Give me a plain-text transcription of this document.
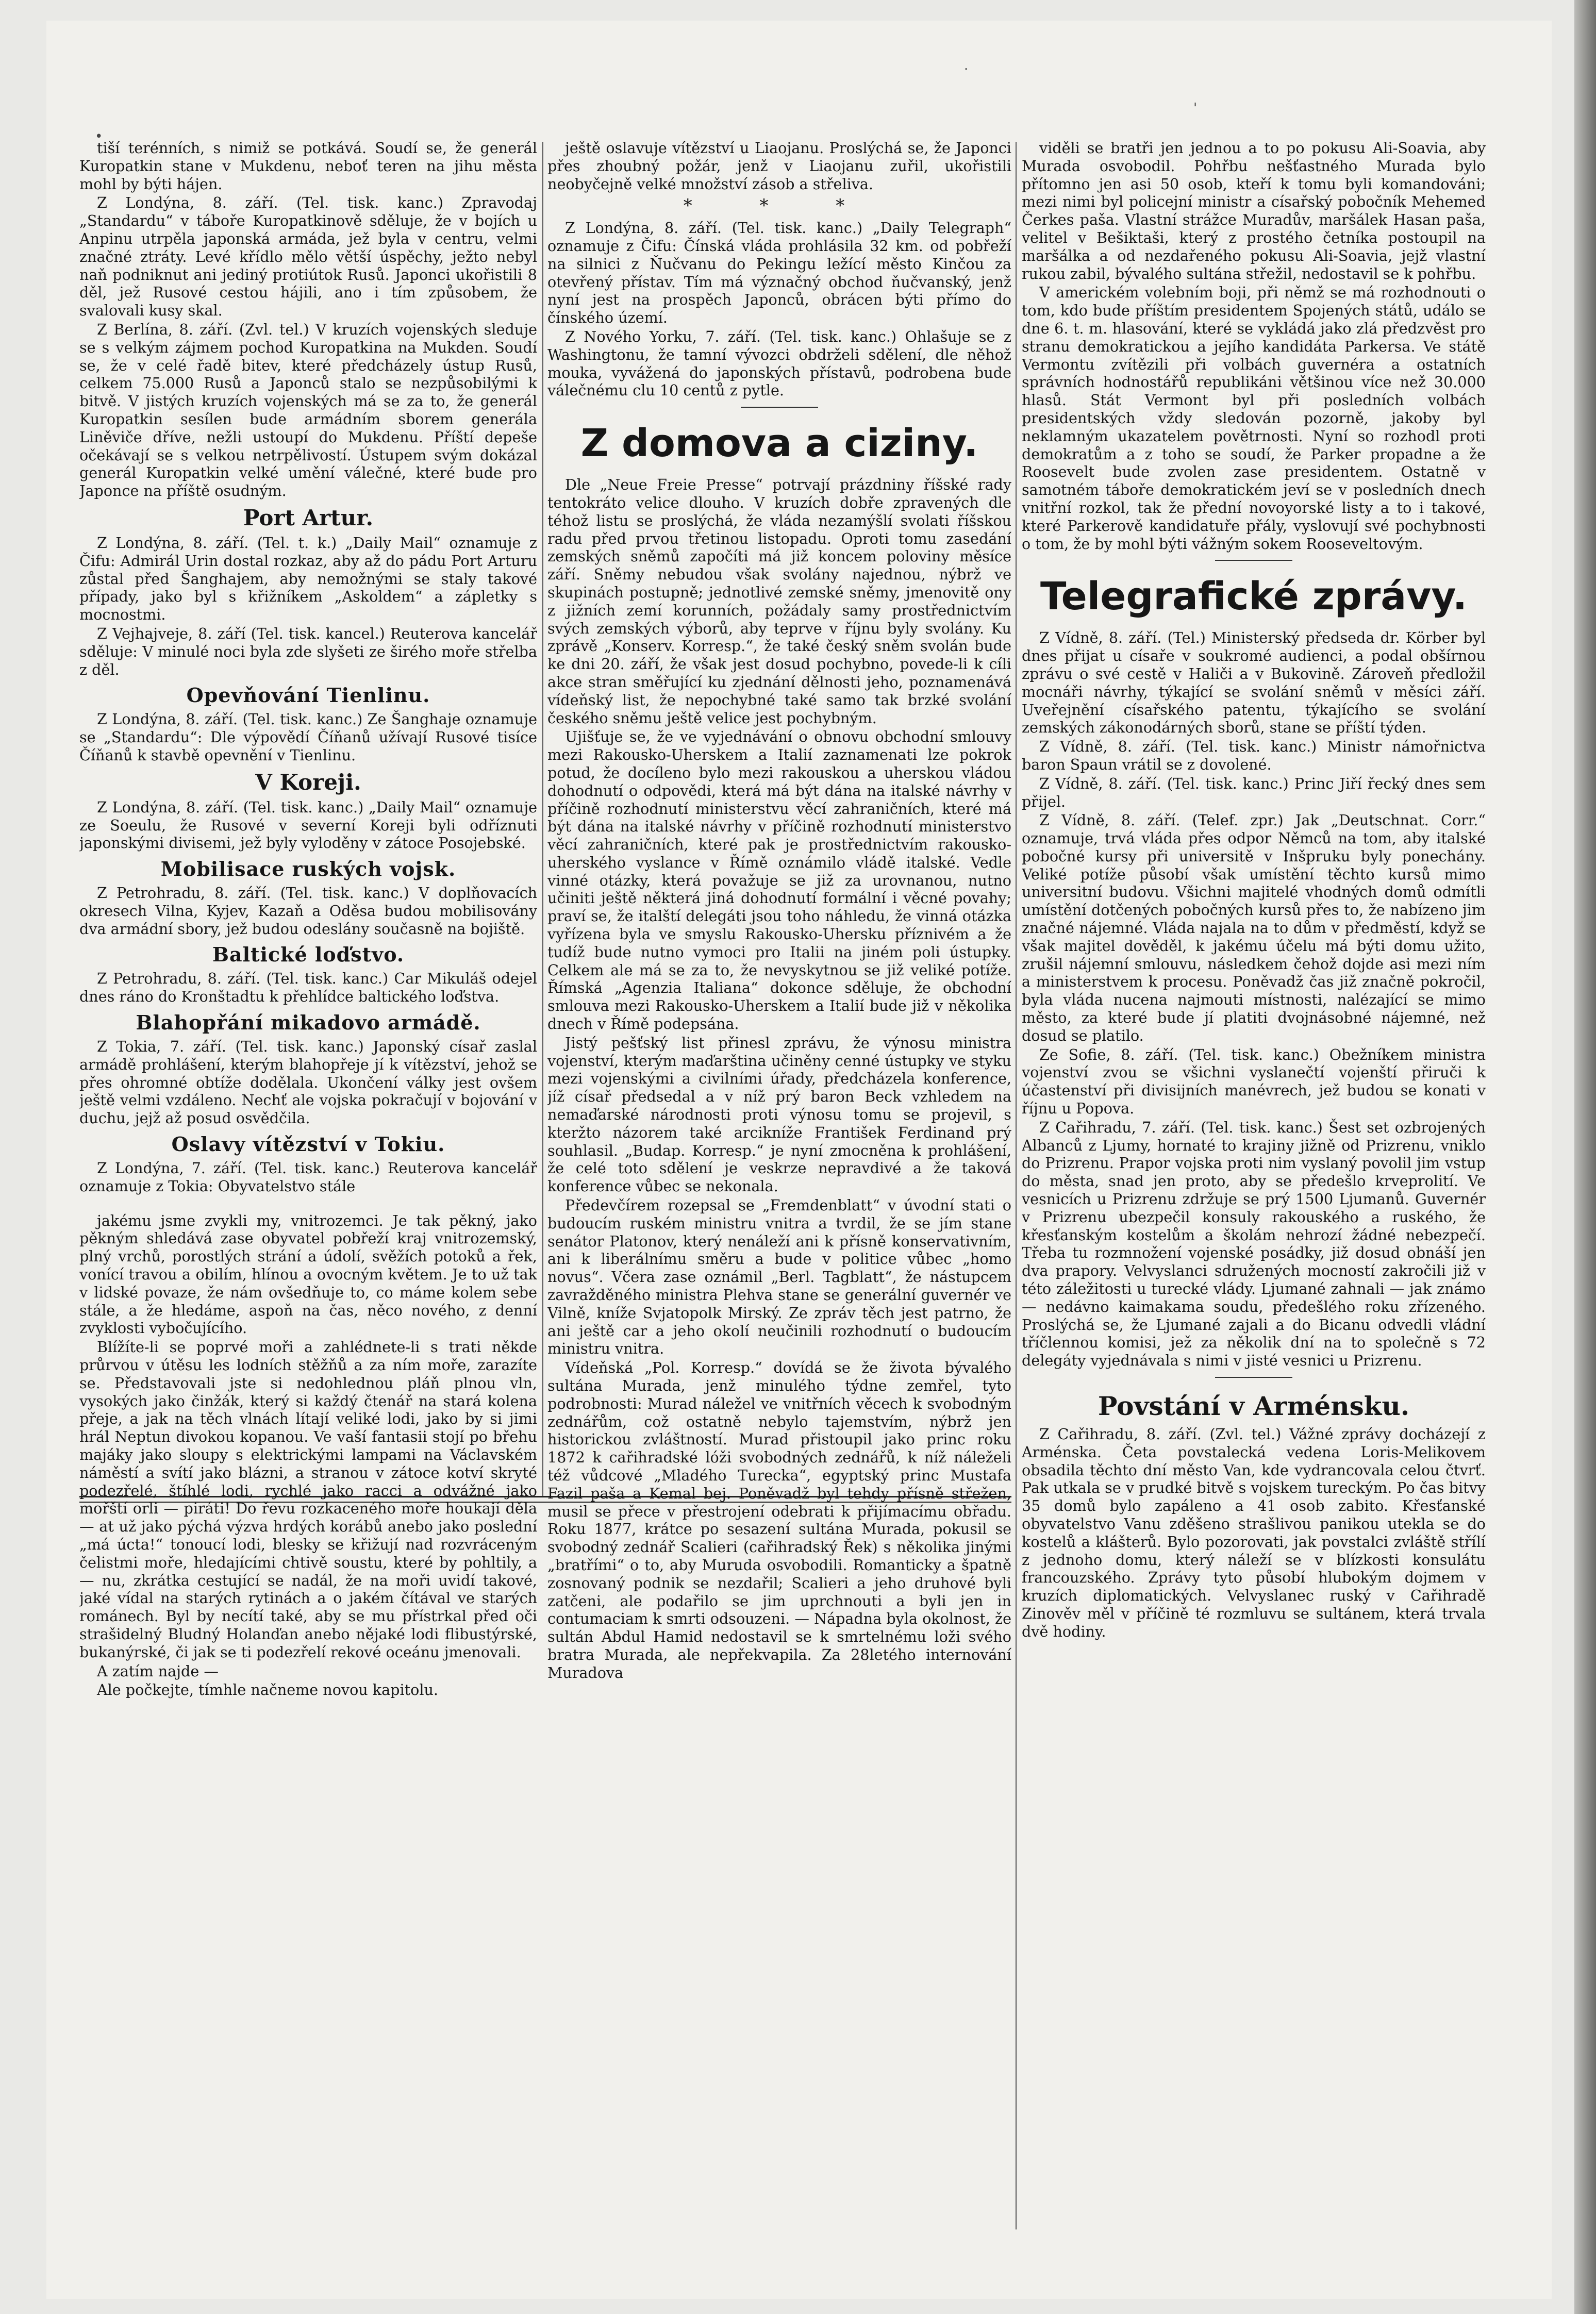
·
'
•

tiší terénních, s nimiž se potkává. Soudí se, že generál Kuropatkin stane v Mukdenu, neboť teren na jihu města mohl by býti hájen.

Z Londýna, 8. září. (Tel. tisk. kanc.) Zpravodaj „Standardu“ v táboře Kuropatkinově sděluje, že v bojích u Anpinu utrpěla japonská armáda, jež byla v centru, velmi značné ztráty. Levé křídlo mělo větší úspěchy, ježto nebyl naň podniknut ani jediný protiútok Rusů. Japonci ukořistili 8 děl, jež Rusové cestou hájili, ano i tím způsobem, že svalovali kusy skal.

Z Berlína, 8. září. (Zvl. tel.) V kruzích vojenských sleduje se s velkým zájmem pochod Kuropatkina na Mukden. Soudí se, že v celé řadě bitev, které předcházely ústup Rusů, celkem 75.000 Rusů a Japonců stalo se nezpůsobilými k bitvě. V jistých kruzích vojenských má se za to, že generál Kuropatkin sesílen bude armádním sborem generála Liněviče dříve, nežli ustoupí do Mukdenu. Příští depeše očekávají se s velkou netrpělivostí. Ústupem svým dokázal generál Kuropatkin velké umění válečné, které bude pro Japonce na příště osudným.

Port Artur.

Z Londýna, 8. září. (Tel. t. k.) „Daily Mail“ oznamuje z Čifu: Admirál Urin dostal rozkaz, aby až do pádu Port Arturu zůstal před Šanghajem, aby nemožnými se staly takové případy, jako byl s křižníkem „Askoldem“ a zápletky s mocnostmi.

Z Vejhajveje, 8. září (Tel. tisk. kancel.) Reuterova kancelář sděluje: V minulé noci byla zde slyšeti ze širého moře střelba z děl.

Opevňování Tienlinu.

Z Londýna, 8. září. (Tel. tisk. kanc.) Ze Šanghaje oznamuje se „Standardu“: Dle výpovědí Číňanů užívají Rusové tisíce Číňanů k stavbě opevnění v Tienlinu.

V Koreji.

Z Londýna, 8. září. (Tel. tisk. kanc.) „Daily Mail“ oznamuje ze Soeulu, že Rusové v severní Koreji byli odříznuti japonskými divisemi, jež byly vyloděny v zátoce Posojebské.

Mobilisace ruských vojsk.

Z Petrohradu, 8. září. (Tel. tisk. kanc.) V doplňovacích okresech Vilna, Kyjev, Kazaň a Oděsa budou mobilisovány dva armádní sbory, jež budou odeslány současně na bojiště.

Baltické loďstvo.

Z Petrohradu, 8. září. (Tel. tisk. kanc.) Car Mikuláš odejel dnes ráno do Kronštadtu k přehlídce baltického loďstva.

Blahopřání mikadovo armádě.

Z Tokia, 7. září. (Tel. tisk. kanc.) Japonský císař zaslal armádě prohlášení, kterým blahopřeje jí k vítězství, jehož se přes ohromné obtíže dodělala. Ukončení války jest ovšem ještě velmi vzdáleno. Nechť ale vojska pokračují v bojování v duchu, jejž až posud osvědčila.

Oslavy vítězství v Tokiu.

Z Londýna, 7. září. (Tel. tisk. kanc.) Reuterova kancelář oznamuje z Tokia: Obyvatelstvo stále

jakému jsme zvykli my, vnitrozemci. Je tak pěkný, jako pěkným shledává zase obyvatel pobřeží kraj vnitrozemský, plný vrchů, porostlých strání a údolí, svěžích potoků a řek, vonící travou a obilím, hlínou a ovocným květem. Je to už tak v lidské povaze, že nám ovšedňuje to, co máme kolem sebe stále, a že hledáme, aspoň na čas, něco nového, z denní zvyklosti vybočujícího.

Blížíte-li se poprvé moři a zahlédnete-li s trati někde průrvou v útěsu les lodních stěžňů a za ním moře, zarazíte se. Představovali jste si nedohlednou pláň plnou vln, vysokých jako činžák, který si každý čtenář na stará kolena přeje, a jak na těch vlnách lítají veliké lodi, jako by si jimi hrál Neptun divokou kopanou. Ve vaší fantasii stojí po břehu majáky jako sloupy s elektrickými lampami na Václavském náměstí a svítí jako blázni, a stranou v zátoce kotví skryté podezřelé, štíhlé lodi, rychlé jako racci a odvážné jako mořští orli — piráti! Do řevu rozkaceného moře houkají děla — at už jako pýchá výzva hrdých korábů anebo jako poslední „má úcta!“ tonoucí lodi, blesky se křižují nad rozvráceným čelistmi moře, hledajícími chtivě soustu, které by pohltily, a — nu, zkrátka cestující se nadál, že na moři uvidí takové, jaké vídal na starých rytinách a o jakém čítával ve starých románech. Byl by necítí také, aby se mu přístrkal před oči strašidelný Bludný Holanďan anebo nějaké lodi flibustýrské, bukanýrské, či jak se ti podezřelí rekové oceánu jmenovali.

A zatím najde —

Ale počkejte, tímhle načneme novou kapitolu.

ještě oslavuje vítězství u Liaojanu. Proslýchá se, že Japonci přes zhoubný požár, jenž v Liaojanu zuřil, ukořistili neobyčejně velké množství zásob a střeliva.

* * *

Z Londýna, 8. září. (Tel. tisk. kanc.) „Daily Telegraph“ oznamuje z Čifu: Čínská vláda prohlásila 32 km. od pobřeží na silnici z Ňučvanu do Pekingu ležící město Kinčou za otevřený přístav. Tím má význačný obchod ňučvanský, jenž nyní jest na prospěch Japonců, obrácen býti přímo do čínského území.

Z Nového Yorku, 7. září. (Tel. tisk. kanc.) Ohlašuje se z Washingtonu, že tamní vývozci obdrželi sdělení, dle něhož mouka, vyvážená do japonských přístavů, podrobena bude válečnému clu 10 centů z pytle.

Z domova a ciziny.

Dle „Neue Freie Presse“ potrvají prázdniny říšské rady tentokráto velice dlouho. V kruzích dobře zpravených dle téhož listu se proslýchá, že vláda nezamýšlí svolati říšskou radu před prvou třetinou listopadu. Oproti tomu zasedání zemských sněmů započíti má již koncem poloviny měsíce září. Sněmy nebudou však svolány najednou, nýbrž ve skupinách postupně; jednotlivé zemské sněmy, jmenovitě ony z jižních zemí korunních, požádaly samy prostřednictvím svých zemských výborů, aby teprve v říjnu byly svolány. Ku zprávě „Konserv. Korresp.“, že také český sněm svolán bude ke dni 20. září, že však jest dosud pochybno, povede-li k cíli akce stran směřující ku zjednání dělnosti jeho, poznamenává vídeňský list, že nepochybné také samo tak brzké svolání českého sněmu ještě velice jest pochybným.

Ujišťuje se, že ve vyjednávání o obnovu obchodní smlouvy mezi Rakousko-Uherskem a Italií zaznamenati lze pokrok potud, že docíleno bylo mezi rakouskou a uherskou vládou dohodnutí o odpovědi, která má být dána na italské návrhy v příčině rozhodnutí ministerstvu věcí zahraničních, které má být dána na italské návrhy v příčině rozhodnutí ministerstvo věcí zahraničních, které pak je prostřednictvím rakousko-uherského vyslance v Římě oznámilo vládě italské. Vedle vinné otázky, která považuje se již za urovnanou, nutno učiniti ještě některá jiná dohodnutí formální i věcné povahy; praví se, že italští delegáti jsou toho náhledu, že vinná otázka vyřízena byla ve smyslu Rakousko-Uhersku příznivém a že tudíž bude nutno vymoci pro Italii na jiném poli ústupky. Celkem ale má se za to, že nevyskytnou se již veliké potíže. Římská „Agenzia Italiana“ dokonce sděluje, že obchodní smlouva mezi Rakousko-Uherskem a Italií bude již v několika dnech v Římě podepsána.

Jistý pešťský list přinesl zprávu, že výnosu ministra vojenství, kterým maďarština učiněny cenné ústupky ve styku mezi vojenskými a civilními úřady, předcházela konference, jíž císař předsedal a v níž prý baron Beck vzhledem na nemaďarské národnosti proti výnosu tomu se projevil, s kteržto názorem také arcikníže František Ferdinand prý souhlasil. „Budap. Korresp.“ je nyní zmocněna k prohlášení, že celé toto sdělení je veskrze nepravdivé a že taková konference vůbec se nekonala.

Předevčírem rozepsal se „Fremdenblatt“ v úvodní stati o budoucím ruském ministru vnitra a tvrdil, že se jím stane senátor Platonov, který nenáleží ani k přísně konservativním, ani k liberálnímu směru a bude v politice vůbec „homo novus“. Včera zase oznámil „Berl. Tagblatt“, že nástupcem zavražděného ministra Plehva stane se generální guvernér ve Vilně, kníže Svjatopolk Mirský. Ze zpráv těch jest patrno, že ani ještě car a jeho okolí neučinili rozhodnutí o budoucím ministru vnitra.

Vídeňská „Pol. Korresp.“ dovídá se že života bývalého sultána Murada, jenž minulého týdne zemřel, tyto podrobnosti: Murad náležel ve vnitřních věcech k svobodným zednářům, což ostatně nebylo tajemstvím, nýbrž jen historickou zvláštností. Murad přistoupil jako princ roku 1872 k cařihradské lóži svobodných zednářů, k níž náleželi též vůdcové „Mladého Turecka“, egyptský princ Mustafa Fazil paša a Kemal bej. Poněvadž byl tehdy přísně střežen, musil se přece v přestrojení odebrati k přijímacímu obřadu. Roku 1877, krátce po sesazení sultána Murada, pokusil se svobodný zednář Scalieri (cařihradský Řek) s několika jinými „bratřími“ o to, aby Muruda osvobodili. Romanticky a špatně zosnovaný podnik se nezdařil; Scalieri a jeho druhové byli zatčeni, ale podařilo se jim uprchnouti a byli jen in contumaciam k smrti odsouzeni. — Nápadna byla okolnost, že sultán Abdul Hamid nedostavil se k smrtelnému loži svého bratra Murada, ale nepřekvapila. Za 28letého internování Muradova

viděli se bratři jen jednou a to po pokusu Ali-Soavia, aby Murada osvobodil. Pohřbu nešťastného Murada bylo přítomno jen asi 50 osob, kteří k tomu byli komandováni; mezi nimi byl policejní ministr a císařský pobočník Mehemed Čerkes paša. Vlastní strážce Muradův, maršálek Hasan paša, velitel v Bešiktaši, který z prostého četníka postoupil na maršálka a od nezdařeného pokusu Ali-Soavia, jejž vlastní rukou zabil, bývalého sultána střežil, nedostavil se k pohřbu.

V americkém volebním boji, při němž se má rozhodnouti o tom, kdo bude příštím presidentem Spojených států, událo se dne 6. t. m. hlasování, které se vykládá jako zlá předzvěst pro stranu demokratickou a jejího kandidáta Parkersa. Ve státě Vermontu zvítězili při volbách guvernéra a ostatních správních hodnostářů republikáni většinou více než 30.000 hlasů. Stát Vermont byl při posledních volbách presidentských vždy sledován pozorně, jakoby byl neklamným ukazatelem povětrnosti. Nyní so rozhodl proti demokratům a z toho se soudí, že Parker propadne a že Roosevelt bude zvolen zase presidentem. Ostatně v samotném táboře demokratickém jeví se v posledních dnech vnitřní rozkol, tak že přední novoyorské listy a to i takové, které Parkerově kandidatuře přály, vyslovují své pochybnosti o tom, že by mohl býti vážným sokem Rooseveltovým.

Telegrafické zprávy.

Z Vídně, 8. září. (Tel.) Ministerský předseda dr. Körber byl dnes přijat u císaře v soukromé audienci, a podal obšírnou zprávu o své cestě v Haliči a v Bukovině. Zároveň předložil mocnáři návrhy, týkající se svolání sněmů v měsíci září. Uveřejnění císařského patentu, týkajícího se svolání zemských zákonodárných sborů, stane se příští týden.

Z Vídně, 8. září. (Tel. tisk. kanc.) Ministr námořnictva baron Spaun vrátil se z dovolené.

Z Vídně, 8. září. (Tel. tisk. kanc.) Princ Jiří řecký dnes sem přijel.

Z Vídně, 8. září. (Telef. zpr.) Jak „Deutschnat. Corr.“ oznamuje, trvá vláda přes odpor Němců na tom, aby italské pobočné kursy při universitě v Inšpruku byly ponechány. Veliké potíže působí však umístění těchto kursů mimo universitní budovu. Všichni majitelé vhodných domů odmítli umístění dotčených pobočných kursů přes to, že nabízeno jim značné nájemné. Vláda najala na to dům v předměstí, když se však majitel dověděl, k jakému účelu má býti domu užito, zrušil nájemní smlouvu, následkem čehož dojde asi mezi ním a ministerstvem k procesu. Poněvadž čas již značně pokročil, byla vláda nucena najmouti místnosti, nalézající se mimo město, za které bude jí platiti dvojnásobné nájemné, než dosud se platilo.

Ze Sofie, 8. září. (Tel. tisk. kanc.) Obežníkem ministra vojenství zvou se všichni vyslanečtí vojenští přiruči k účastenství při divisijních manévrech, jež budou se konati v říjnu u Popova.

Z Cařihradu, 7. září. (Tel. tisk. kanc.) Šest set ozbrojených Albanců z Ljumy, hornaté to krajiny jižně od Prizrenu, vniklo do Prizrenu. Prapor vojska proti nim vyslaný povolil jim vstup do města, snad jen proto, aby se předešlo krveprolití. Ve vesnicích u Prizrenu zdržuje se prý 1500 Ljumanů. Guvernér v Prizrenu ubezpečil konsuly rakouského a ruského, že křesťanským kostelům a školám nehrozí žádné nebezpečí. Třeba tu rozmnožení vojenské posádky, již dosud obnáší jen dva prapory. Velvyslanci sdružených mocností zakročili již v této záležitosti u turecké vlády. Ljumané zahnali — jak známo — nedávno kaimakama soudu, předešlého roku zřízeného. Proslýchá se, že Ljumané zajali a do Bicanu odvedli vládní tříčlennou komisi, jež za několik dní na to společně s 72 delegáty vyjednávala s nimi v jisté vesnici u Prizrenu.

Povstání v Arménsku.

Z Cařihradu, 8. září. (Zvl. tel.) Vážné zprávy docházejí z Arménska. Četa povstalecká vedena Loris-Melikovem obsadila těchto dní město Van, kde vydrancovala celou čtvrť. Pak utkala se v prudké bitvě s vojskem tureckým. Po čas bitvy 35 domů bylo zapáleno a 41 osob zabito. Křesťanské obyvatelstvo Vanu zděšeno strašlivou panikou utekla se do kostelů a klášterů. Bylo pozorovati, jak povstalci zvláště střílí z jednoho domu, který náleží se v blízkosti konsulátu francouzského. Zprávy tyto působí hlubokým dojmem v kruzích diplomatických. Velvyslanec ruský v Cařihradě Zinověv měl v příčině té rozmluvu se sultánem, která trvala dvě hodiny.
